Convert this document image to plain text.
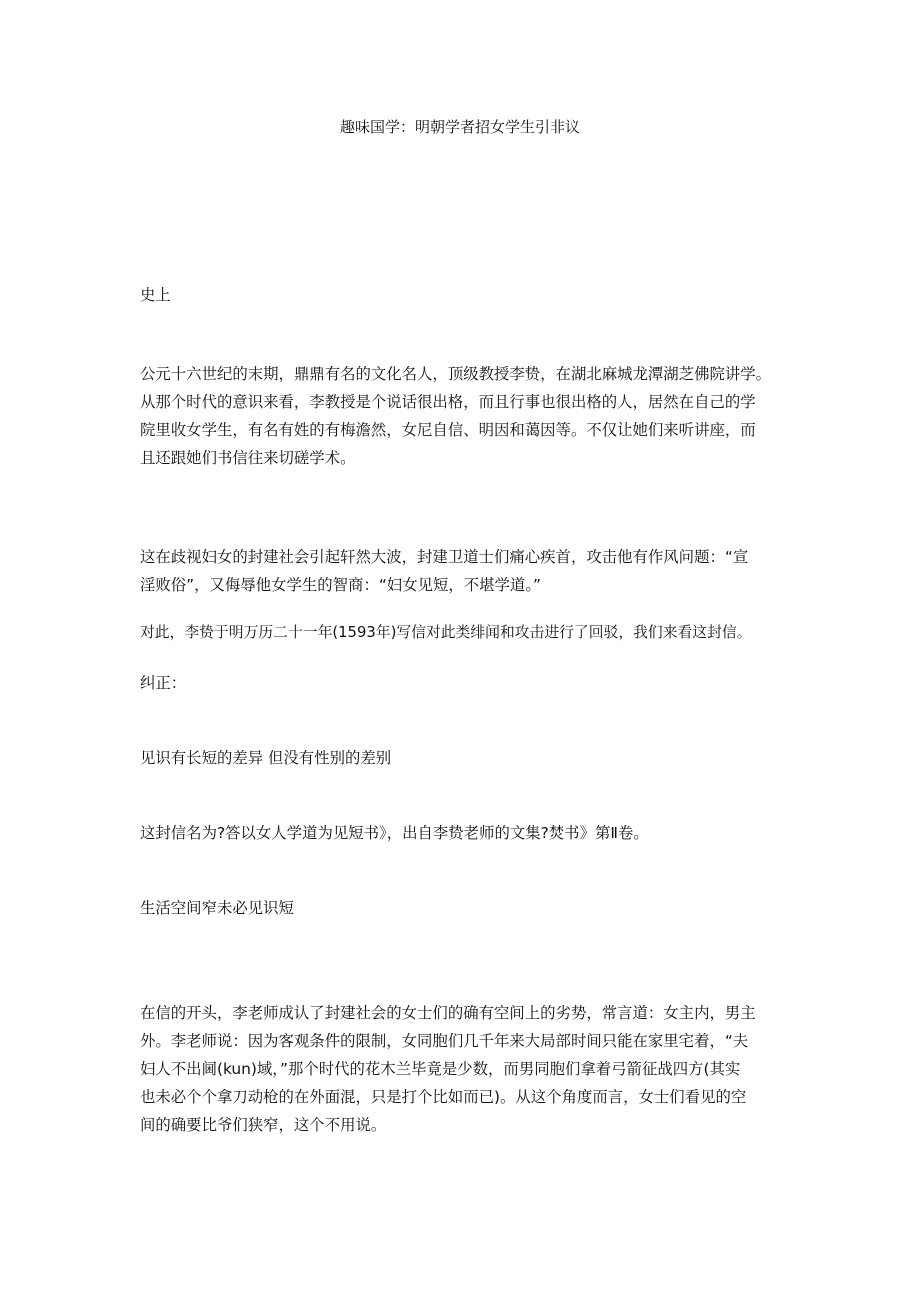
趣味国学：明朝学者招女学生引非议
史上
公元十六世纪的末期，鼎鼎有名的文化名人，顶级教授李贽，在湖北麻城龙潭湖芝佛院讲学。
从那个时代的意识来看，李教授是个说话很出格，而且行事也很出格的人，居然在自己的学
院里收女学生，有名有姓的有梅澹然，女尼自信、明因和蔼因等。不仅让她们来听讲座，而
且还跟她们书信往来切磋学术。
这在歧视妇女的封建社会引起轩然大波，封建卫道士们痛心疾首，攻击他有作风问题：“宣
淫败俗”，又侮辱他女学生的智商：“妇女见短，不堪学道。”
对此，李贽于明万历二十一年(1593年)写信对此类绯闻和攻击进行了回驳，我们来看这封信。
纠正：
见识有长短的差异 但没有性别的差别
这封信名为?答以女人学道为见短书》，出自李贽老师的文集?焚书》第Ⅱ卷。
生活空间窄未必见识短
在信的开头，李老师成认了封建社会的女士们的确有空间上的劣势，常言道：女主内，男主
外。李老师说：因为客观条件的限制，女同胞们几千年来大局部时间只能在家里宅着，“夫
妇人不出阃(kun)域，”那个时代的花木兰毕竟是少数，而男同胞们拿着弓箭征战四方(其实
也未必个个拿刀动枪的在外面混，只是打个比如而已)。从这个角度而言，女士们看见的空
间的确要比爷们狭窄，这个不用说。
